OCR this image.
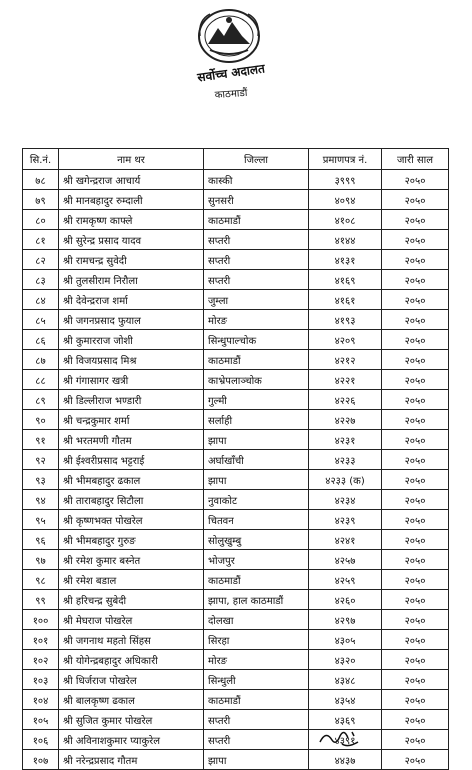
सर्वोच्च अदालत
काठमाडौं
सि.नं.	नाम थर	जिल्ला	प्रमाणपत्र नं.	जारी साल
७८	श्री खगेन्द्रराज आचार्य	कास्की	३९९९	२०५०
७९	श्री मानबहादुर रुम्दाली	सुनसरी	४०९४	२०५०
८०	श्री रामकृष्ण काफ्ले	काठमाडौं	४१०८	२०५०
८१	श्री सुरेन्द्र प्रसाद यादव	सप्तरी	४१४४	२०५०
८२	श्री रामचन्द्र सुवेदी	सप्तरी	४१३१	२०५०
८३	श्री तुलसीराम निरौला	सप्तरी	४१६९	२०५०
८४	श्री देवेन्द्रराज शर्मा	जुम्ला	४१६१	२०५०
८५	श्री जगनप्रसाद फुयाल	मोरङ	४१९३	२०५०
८६	श्री कुमारराज जोशी	सिन्धुपाल्चोक	४२०९	२०५०
८७	श्री विजयप्रसाद मिश्र	काठमाडौं	४२१२	२०५०
८८	श्री गंगासागर खत्री	काभ्रेपलाञ्चोक	४२२१	२०५०
८९	श्री डिल्लीराज भण्डारी	गुल्मी	४२२६	२०५०
९०	श्री चन्द्रकुमार शर्मा	सर्लाही	४२२७	२०५०
९१	श्री भरतमणी गौतम	झापा	४२३१	२०५०
९२	श्री ईश्वरीप्रसाद भट्टराई	अर्घाखाँची	४२३३	२०५०
९३	श्री भीमबहादुर ढकाल	झापा	४२३३ (क)	२०५०
९४	श्री ताराबहादुर सिटौला	नुवाकोट	४२३४	२०५०
९५	श्री कृष्णभक्त पोखरेल	चितवन	४२३९	२०५०
९६	श्री भीमबहादुर गुरुङ	सोलुखुम्बु	४२४१	२०५०
९७	श्री रमेश कुमार बस्नेत	भोजपुर	४२५७	२०५०
९८	श्री रमेश बडाल	काठमाडौं	४२५९	२०५०
९९	श्री हरिचन्द्र सुबेदी	झापा, हाल काठमाडौं	४२६०	२०५०
१००	श्री मेघराज पोखरेल	दोलखा	४२९७	२०५०
१०१	श्री जगनाथ महतो सिंहस	सिरहा	४३०५	२०५०
१०२	श्री योगेन्द्रबहादुर अधिकारी	मोरङ	४३२०	२०५०
१०३	श्री धिर्जराज पोखरेल	सिन्धुली	४३४८	२०५०
१०४	श्री बालकृष्ण ढकाल	काठमाडौं	४३५४	२०५०
१०५	श्री सुजित कुमार पोखरेल	सप्तरी	४३६९	२०५०
१०६	श्री अविनाशकुमार प्याकुरेल	सप्तरी	४३९१	२०५०
१०७	श्री नरेन्द्रप्रसाद गौतम	झापा	४४३७	२०५०
